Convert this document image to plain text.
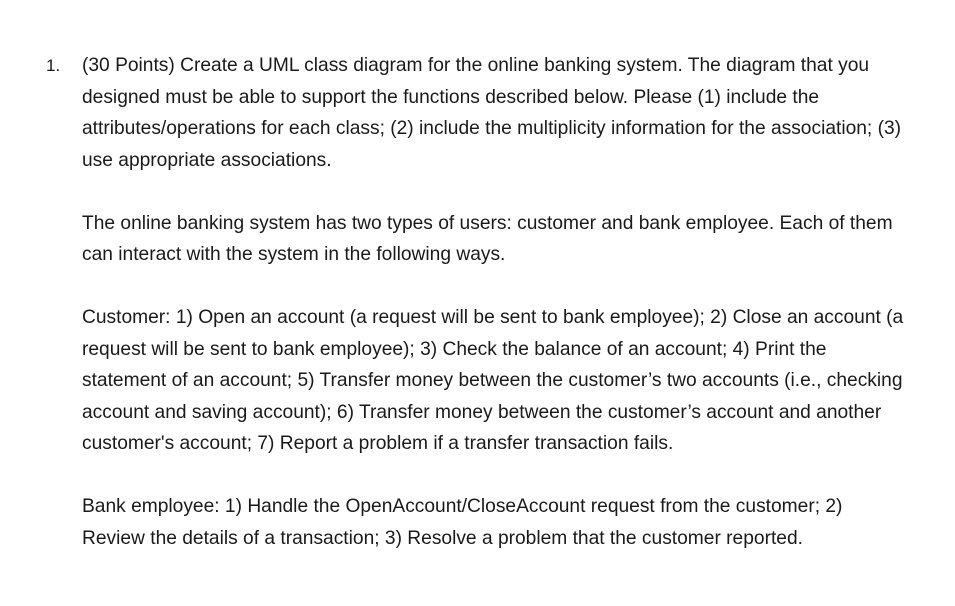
1. (30 Points) Create a UML class diagram for the online banking system. The diagram that you designed must be able to support the functions described below. Please (1) include the attributes/operations for each class; (2) include the multiplicity information for the association; (3) use appropriate associations.

The online banking system has two types of users: customer and bank employee. Each of them can interact with the system in the following ways.

Customer: 1) Open an account (a request will be sent to bank employee); 2) Close an account (a request will be sent to bank employee); 3) Check the balance of an account; 4) Print the statement of an account; 5) Transfer money between the customer’s two accounts (i.e., checking account and saving account); 6) Transfer money between the customer’s account and another customer's account; 7) Report a problem if a transfer transaction fails.

Bank employee: 1) Handle the OpenAccount/CloseAccount request from the customer; 2) Review the details of a transaction; 3) Resolve a problem that the customer reported.
